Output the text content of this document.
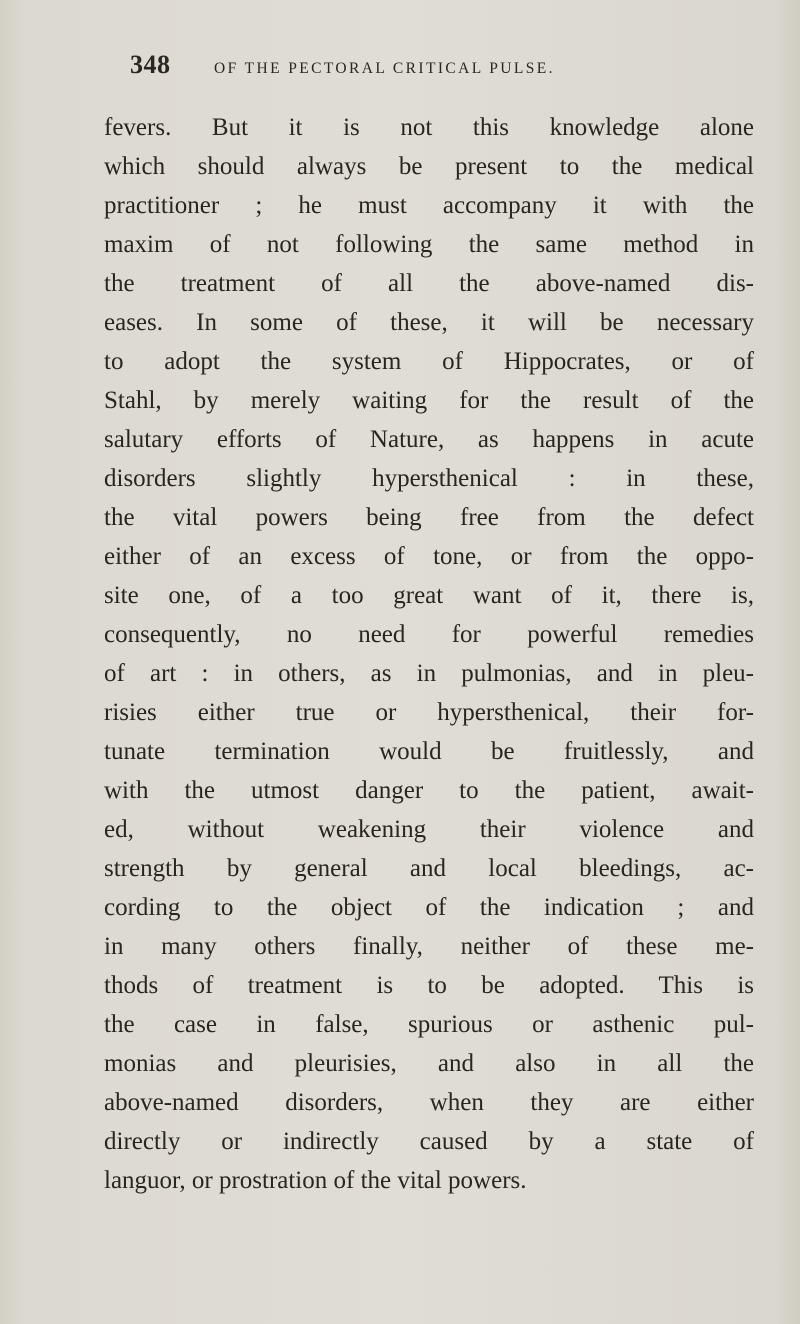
348	OF THE PECTORAL CRITICAL PULSE.
fevers. But it is not this knowledge alone
which should always be present to the medical
practitioner ; he must accompany it with the
maxim of not following the same method in
the treatment of all the above-named dis-
eases. In some of these, it will be necessary
to adopt the system of Hippocrates, or of
Stahl, by merely waiting for the result of the
salutary efforts of Nature, as happens in acute
disorders slightly hypersthenical : in these,
the vital powers being free from the defect
either of an excess of tone, or from the oppo-
site one, of a too great want of it, there is,
consequently, no need for powerful remedies
of art : in others, as in pulmonias, and in pleu-
risies either true or hypersthenical, their for-
tunate termination would be fruitlessly, and
with the utmost danger to the patient, await-
ed, without weakening their violence and
strength by general and local bleedings, ac-
cording to the object of the indication ; and
in many others finally, neither of these me-
thods of treatment is to be adopted. This is
the case in false, spurious or asthenic pul-
monias and pleurisies, and also in all the
above-named disorders, when they are either
directly or indirectly caused by a state of
languor, or prostration of the vital powers.
